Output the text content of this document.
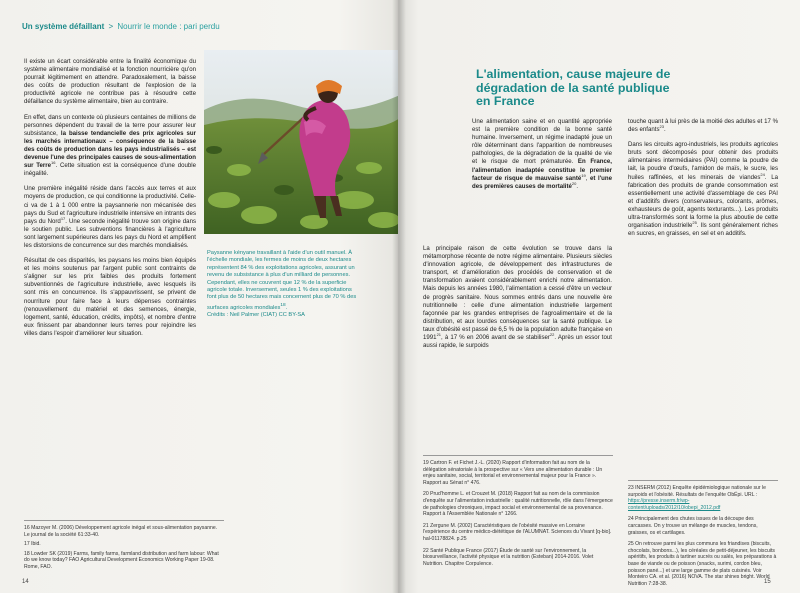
Un système défaillant > Nourrir le monde : pari perdu

Il existe un écart considérable entre la finalité économique du système alimentaire mondialisé et la fonction nourricière qu'on pourrait légitimement en attendre. Paradoxalement, la baisse des coûts de production résultant de l'explosion de la productivité agricole ne contribue pas à résoudre cette défaillance du système alimentaire, bien au contraire.

En effet, dans un contexte où plusieurs centaines de millions de personnes dépendent du travail de la terre pour assurer leur subsistance, la baisse tendancielle des prix agricoles sur les marchés internationaux – conséquence de la baisse des coûts de production dans les pays industrialisés – est devenue l'une des principales causes de sous-alimentation sur Terre$^{16}$. Cette situation est la conséquence d'une double inégalité.

Une première inégalité réside dans l'accès aux terres et aux moyens de production, ce qui conditionne la productivité. Celle-ci va de 1 à 1 000 entre la paysannerie non mécanisée des pays du Sud et l'agriculture industrielle intensive en intrants des pays du Nord$^{17}$. Une seconde inégalité trouve son origine dans le soutien public. Les subventions financières à l'agriculture sont largement supérieures dans les pays du Nord et amplifient les distorsions de concurrence sur des marchés mondialisés.

Résultat de ces disparités, les paysans les moins bien équipés et les moins soutenus par l'argent public sont contraints de s'aligner sur les prix faibles des produits fortement subventionnés de l'agriculture industrielle, avec lesquels ils sont mis en concurrence. Ils s'appauvrissent, se privent de nourriture pour faire face à leurs dépenses contraintes (renouvellement du matériel et des semences, énergie, logement, santé, éducation, crédits, impôts), et nombre d'entre eux finissent par abandonner leurs terres pour rejoindre les villes dans l'espoir d'améliorer leur situation.

Paysanne kényane travaillant à l'aide d'un outil manuel. À l'échelle mondiale, les fermes de moins de deux hectares représentent 84 % des exploitations agricoles, assurant un revenu de subsistance à plus d'un milliard de personnes. Cependant, elles ne couvrent que 12 % de la superficie agricole totale. Inversement, seules 1 % des exploitations font plus de 50 hectares mais concernent plus de 70 % des surfaces agricoles mondiales$^{18}$.
Crédits : Neil Palmer (CIAT) CC BY-SA
16 Mazoyer M. (2006) Développement agricole inégal et sous-alimentation paysanne. Le journal de la société 61:33-40.
17 Ibid.
18 Lowder SK (2019) Farms, family farms, farmland distribution and farm labour: What do we know today? FAO Agricultural Development Economics Working Paper 19-08. Rome, FAO.
14
L'alimentation, cause majeure de dégradation de la santé publique en France

Une alimentation saine et en quantité appropriée est la première condition de la bonne santé humaine. Inversement, un régime inadapté joue un rôle déterminant dans l'apparition de nombreuses pathologies, de la dégradation de la qualité de vie et le risque de mort prématurée. En France, l'alimentation inadaptée constitue le premier facteur de risque de mauvaise santé$^{19}$, et l'une des premières causes de mortalité$^{20}$.

La principale raison de cette évolution se trouve dans la métamorphose récente de notre régime alimentaire. Plusieurs siècles d'innovation agricole, de développement des infrastructures de transport, et d'amélioration des procédés de conservation et de transformation avaient considérablement enrichi notre alimentation. Mais depuis les années 1980, l'alimentation a cessé d'être un vecteur de progrès sanitaire. Nous sommes entrés dans une nouvelle ère nutritionnelle : celle d'une alimentation industrielle largement façonnée par les grandes entreprises de l'agroalimentaire et de la distribution, et aux lourdes conséquences sur la santé publique. Le taux d'obésité est passé de 6,5 % de la population adulte française en 1991$^{21}$, à 17 % en 2006 avant de se stabiliser$^{22}$. Après un essor tout aussi rapide, le surpoids

touche quant à lui près de la moitié des adultes et 17 % des enfants$^{23}$.

Dans les circuits agro-industriels, les produits agricoles bruts sont décomposés pour obtenir des produits alimentaires intermédiaires (PAI) comme la poudre de lait, la poudre d'œufs, l'amidon de maïs, le sucre, les huiles raffinées, et les minerais de viandes$^{24}$. La fabrication des produits de grande consommation est essentiellement une activité d'assemblage de ces PAI et d'additifs divers (conservateurs, colorants, arômes, exhausteurs de goût, agents texturants...). Les produits ultra-transformés sont la forme la plus aboutie de cette organisation industrielle$^{25}$. Ils sont généralement riches en sucres, en graisses, en sel et en additifs.

19 Cartron F. et Fichet J.-L. (2020) Rapport d'information fait au nom de la délégation sénatoriale à la prospective sur « Vers une alimentation durable : Un enjeu sanitaire, social, territorial et environnemental majeur pour la France ». Rapport au Sénat n° 476.
20 Prud'homme L. et Crouzet M. (2018) Rapport fait au nom de la commission d'enquête sur l'alimentation industrielle : qualité nutritionnelle, rôle dans l'émergence de pathologies chroniques, impact social et environnemental de sa provenance. Rapport à l'Assemblée Nationale n° 1266.
21 Zergune M. (2002) Caractéristiques de l'obésité massive en Lorraine l'expérience du centre médico-diététique de l'ALUMNAT. Sciences du Vivant [q-bio]. hal-01178824. p.25
22 Santé Publique France (2017) Étude de santé sur l'environnement, la biosurveillance, l'activité physique et la nutrition (Esteban) 2014-2016. Volet Nutrition. Chapitre Corpulence.
23 INSERM (2012) Enquête épidémiologique nationale sur le surpoids et l'obésité. Résultats de l'enquête ObÉpi. URL : https://presse.inserm.fr/wp-content/uploads/2012/10/obepi_2012.pdf
24 Principalement des chutes issues de la découpe des carcasses. On y trouve un mélange de muscles, tendons, graisses, os et cartilages.
25 On retrouve parmi les plus communs les friandises (biscuits, chocolats, bonbons...), les céréales de petit-déjeuner, les biscuits apéritifs, les produits à tartiner sucrés ou salés, les préparations à base de viande ou de poisson (snacks, surimi, cordon bleu, poisson pané...) et une large gamme de plats cuisinés. Voir Monteiro CA. et al. (2016) NOVA. The star shines bright. World Nutrition 7:28-38.	15
